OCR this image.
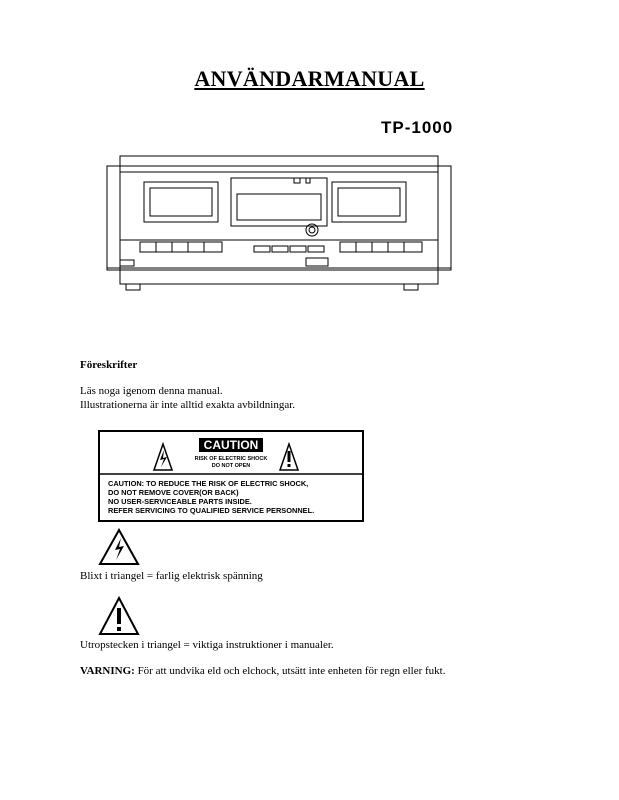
ANVÄNDARMANUAL
TP-1000
Föreskrifter
Läs noga igenom denna manual.
Illustrationerna är inte alltid exakta avbildningar.
CAUTION
RISK OF ELECTRIC SHOCK
DO NOT OPEN
CAUTION: TO REDUCE THE RISK OF ELECTRIC SHOCK,
DO NOT REMOVE COVER(OR BACK)
NO USER-SERVICEABLE PARTS INSIDE.
REFER SERVICING TO QUALIFIED SERVICE PERSONNEL.
Blixt i triangel = farlig elektrisk spänning
Utropstecken i triangel = viktiga instruktioner i manualer.
VARNING: För att undvika eld och elchock, utsätt inte enheten för regn eller fukt.
